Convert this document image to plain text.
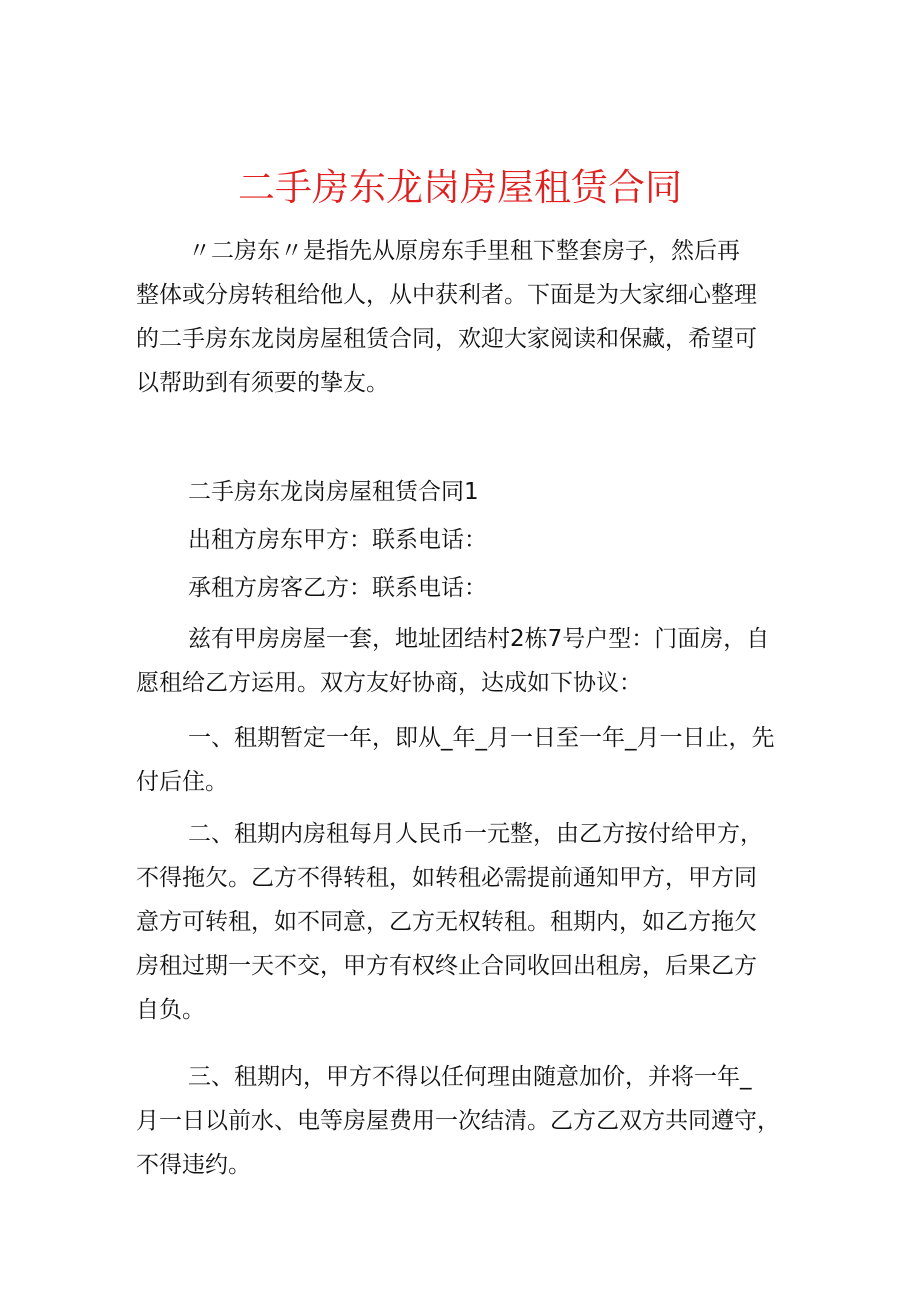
二手房东龙岗房屋租赁合同
〃二房东〃是指先从原房东手里租下整套房子，然后再
整体或分房转租给他人，从中获利者。下面是为大家细心整理
的二手房东龙岗房屋租赁合同，欢迎大家阅读和保藏，希望可
以帮助到有须要的挚友。
二手房东龙岗房屋租赁合同1
出租方房东甲方：联系电话：
承租方房客乙方：联系电话：
兹有甲房房屋一套，地址团结村2栋7号户型：门面房，自
愿租给乙方运用。双方友好协商，达成如下协议：
一、租期暂定一年，即从_年_月一日至一年_月一日止，先
付后住。
二、租期内房租每月人民币一元整，由乙方按付给甲方，
不得拖欠。乙方不得转租，如转租必需提前通知甲方，甲方同
意方可转租，如不同意，乙方无权转租。租期内，如乙方拖欠
房租过期一天不交，甲方有权终止合同收回出租房，后果乙方
自负。
三、租期内，甲方不得以任何理由随意加价，并将一年_
月一日以前水、电等房屋费用一次结清。乙方乙双方共同遵守，
不得违约。
